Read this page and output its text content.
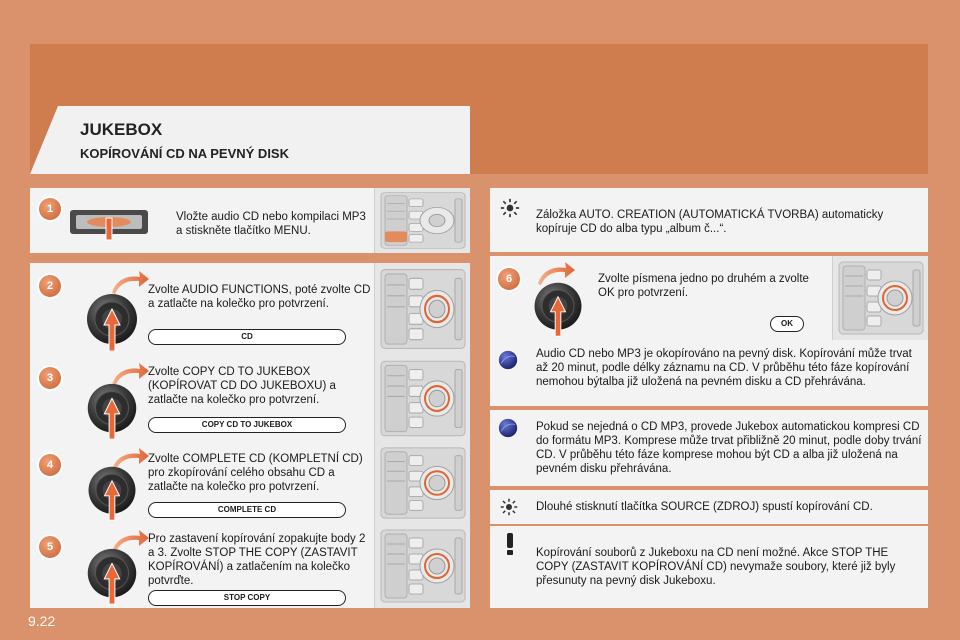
JUKEBOX
KOPÍROVÁNÍ CD NA PEVNÝ DISK
1
Vložte audio CD nebo kompilaci MP3 a stiskněte tlačítko MENU.
2	Zvolte AUDIO FUNCTIONS, poté zvolte CD a zatlačte na kolečko pro potvrzení.
CD
3	Zvolte COPY CD TO JUKEBOX (KOPÍROVAT CD DO JUKEBOXU) a zatlačte na kolečko pro potvrzení.
COPY CD TO JUKEBOX
4	Zvolte COMPLETE CD (KOMPLETNÍ CD) pro zkopírování celého obsahu CD a zatlačte na kolečko pro potvrzení.
COMPLETE CD
5
Pro zastavení kopírování zopakujte body 2 a 3. Zvolte STOP THE COPY (ZASTAVIT KOPÍROVÁNÍ) a zatlačením na kolečko potvrďte.
STOP COPY
Záložka AUTO. CREATION (AUTOMATICKÁ TVORBA) automaticky kopíruje CD do alba typu „album č...“.
6	Zvolte písmena jedno po druhém a zvolte OK pro potvrzení.
OK
Audio CD nebo MP3 je okopírováno na pevný disk. Kopírování může trvat až 20 minut, podle délky záznamu na CD. V průběhu této fáze kopírování nemohou býtalba již uložená na pevném disku a CD přehrávána.
Pokud se nejedná o CD MP3, provede Jukebox automatickou kompresi CD do formátu MP3. Komprese může trvat přibližně 20 minut, podle doby trvání CD. V průběhu této fáze komprese mohou být CD a alba již uložená na pevném disku přehrávána.
Dlouhé stisknutí tlačítka SOURCE (ZDROJ) spustí kopírování CD.
Kopírování souborů z Jukeboxu na CD není možné. Akce STOP THE COPY (ZASTAVIT KOPÍROVÁNÍ CD) nevymaže soubory, které již byly přesunuty na pevný disk Jukeboxu.
9.22
